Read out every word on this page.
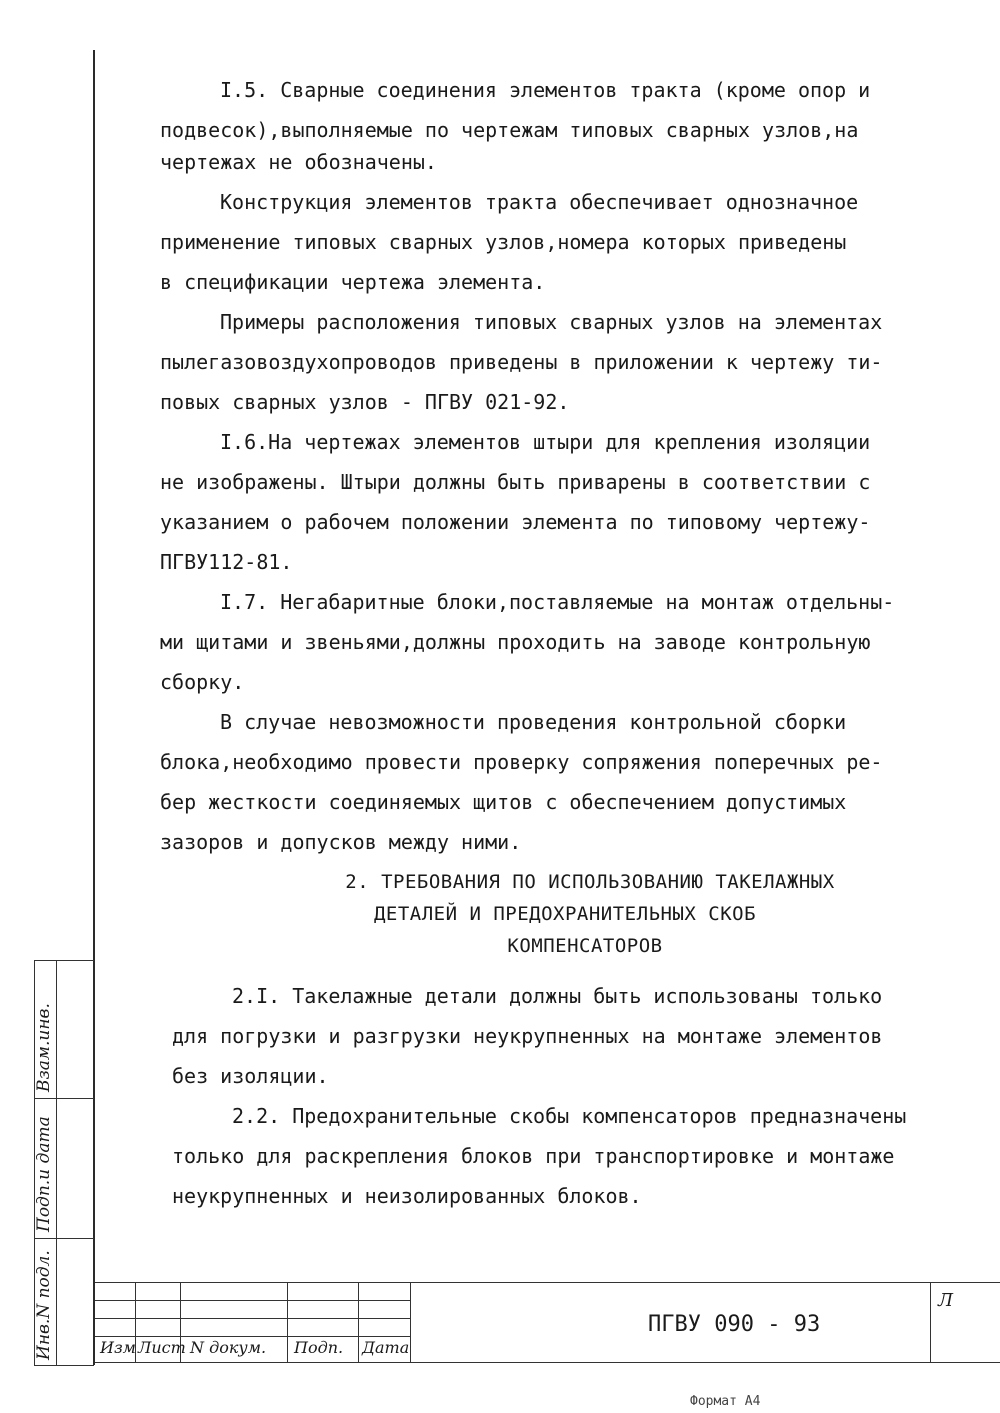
I.5. Сварные соединения элементов тракта (кроме опор и
подвесок),выполняемые по чертежам типовых сварных узлов,на
чертежах не обозначены.
Конструкция элементов тракта обеспечивает однозначное
применение типовых сварных узлов,номера которых приведены
в спецификации чертежа элемента.
Примеры расположения типовых сварных узлов на элементах
пылегазовоздухопроводов приведены в приложении к чертежу ти-
повых сварных узлов - ПГВУ 021-92.
I.6.На чертежах элементов штыри для крепления изоляции
не изображены. Штыри должны быть приварены в соответствии с
указанием о рабочем положении элемента по типовому чертежу-
ПГВУ112-81.
I.7. Негабаритные блоки,поставляемые на монтаж отдельны-
ми щитами и звеньями,должны проходить на заводе контрольную
сборку.
В случае невозможности проведения контрольной сборки
блока,необходимо провести проверку сопряжения поперечных ре-
бер жесткости соединяемых щитов с обеспечением допустимых
зазоров и допусков между ними.
2. ТРЕБОВАНИЯ ПО ИСПОЛЬЗОВАНИЮ ТАКЕЛАЖНЫХ
ДЕТАЛЕЙ И ПРЕДОХРАНИТЕЛЬНЫХ СКОБ
КОМПЕНСАТОРОВ
2.I. Такелажные детали должны быть использованы только
для погрузки и разгрузки неукрупненных на монтаже элементов
без изоляции.
2.2. Предохранительные скобы компенсаторов предназначены
только для раскрепления блоков при транспортировке и монтаже
неукрупненных и неизолированных блоков.
Взам.инв.
Подп.и дата
Инв.N подл.	Изм Лист N докум. Подп. Дата
ПГВУ 090 - 93
Л
Формат А4
